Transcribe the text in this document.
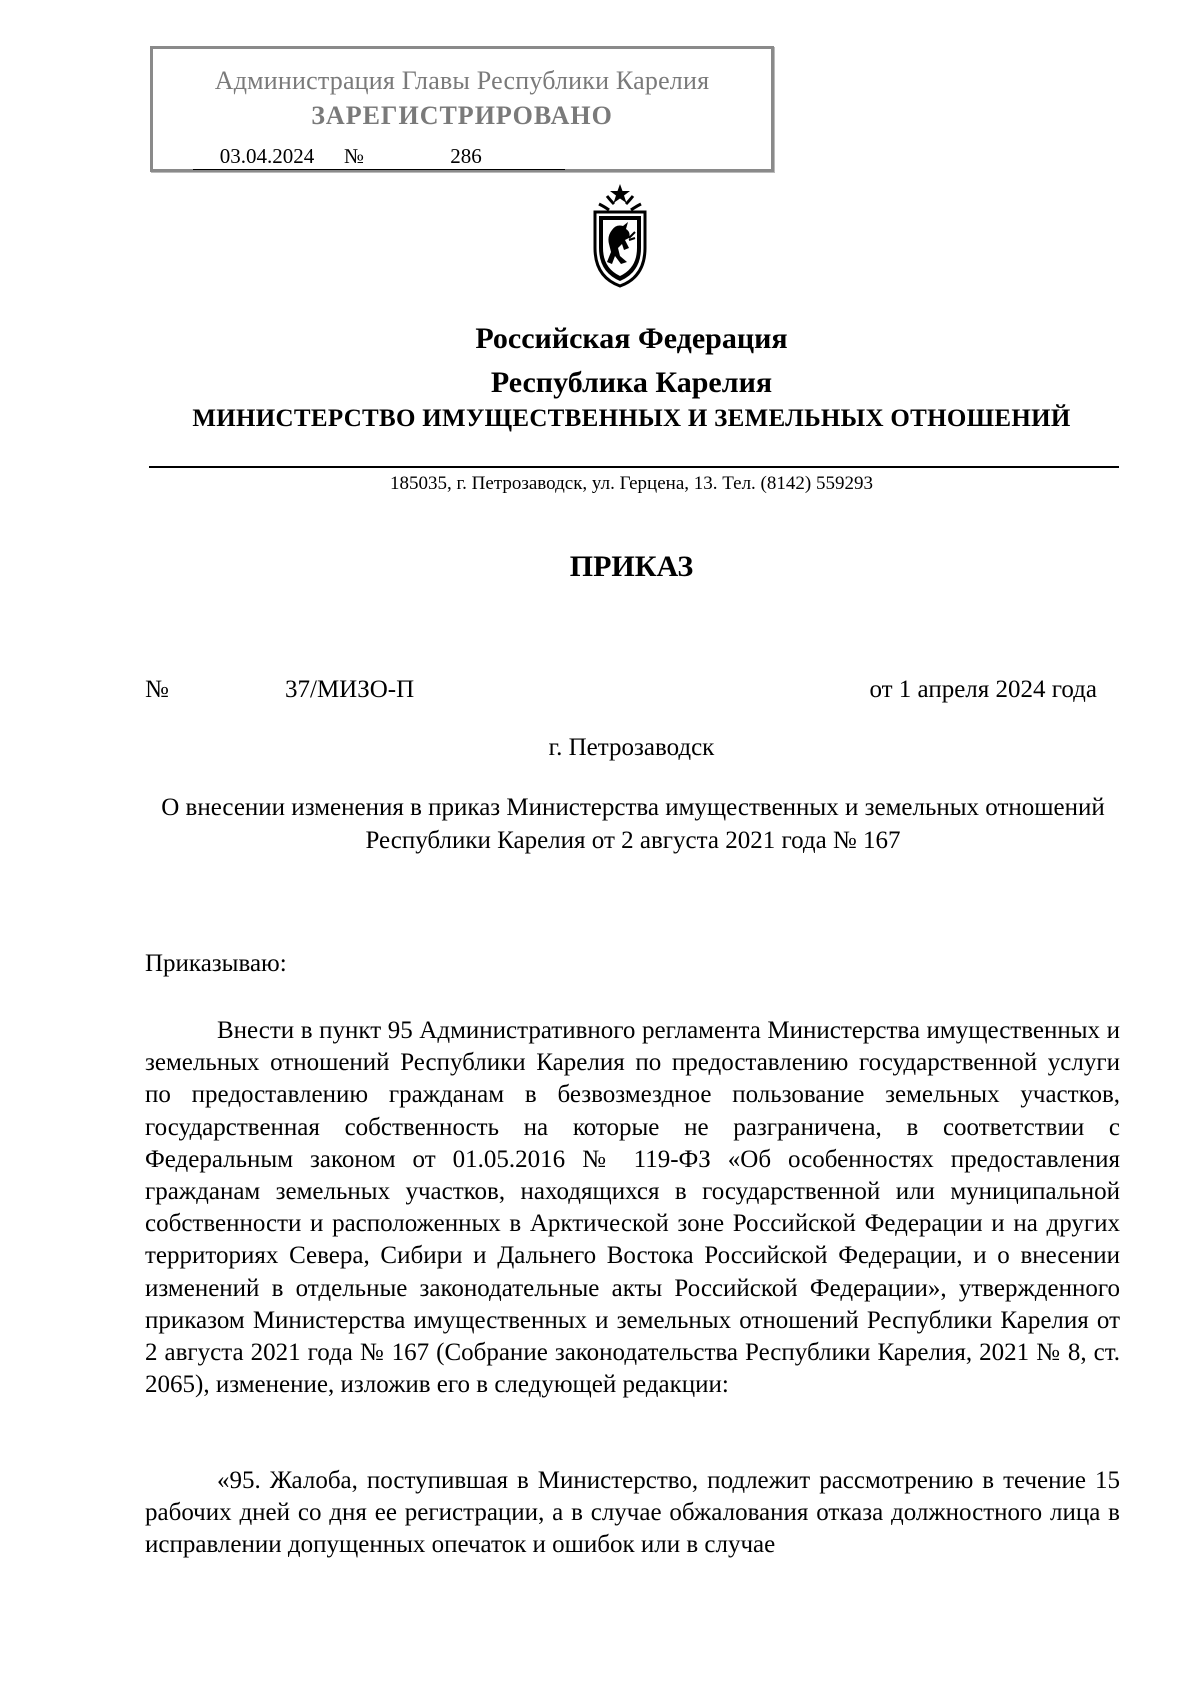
Администрация Главы Республики Карелия
ЗАРЕГИСТРИРОВАНО
03.04.2024 №	286
Российская Федерация
Республика Карелия
МИНИСТЕРСТВО ИМУЩЕСТВЕННЫХ И ЗЕМЕЛЬНЫХ ОТНОШЕНИЙ
185035, г. Петрозаводск, ул. Герцена, 13. Тел. (8142) 559293
ПРИКАЗ
№	37/МИЗО-П	от 1 апреля 2024 года
г. Петрозаводск
О внесении изменения в приказ Министерства имущественных и земельных отношений Республики Карелия от 2 августа 2021 года № 167
Приказываю:

Внести в пункт 95 Административного регламента Министерства имущественных и земельных отношений Республики Карелия по предоставлению государственной услуги по предоставлению гражданам в безвозмездное пользование земельных участков, государственная собственность на которые не разграничена, в соответствии с Федеральным законом от 01.05.2016 № 119-ФЗ «Об особенностях предоставления гражданам земельных участков, находящихся в государственной или муниципальной собственности и расположенных в Арктической зоне Российской Федерации и на других территориях Севера, Сибири и Дальнего Востока Российской Федерации, и о внесении изменений в отдельные законодательные акты Российской Федерации», утвержденного приказом Министерства имущественных и земельных отношений Республики Карелия от 2 августа 2021 года № 167 (Собрание законодательства Республики Карелия, 2021 № 8, ст. 2065), изменение, изложив его в следующей редакции:

«95. Жалоба, поступившая в Министерство, подлежит рассмотрению в течение 15 рабочих дней со дня ее регистрации, а в случае обжалования отказа должностного лица в исправлении допущенных опечаток и ошибок или в случае
